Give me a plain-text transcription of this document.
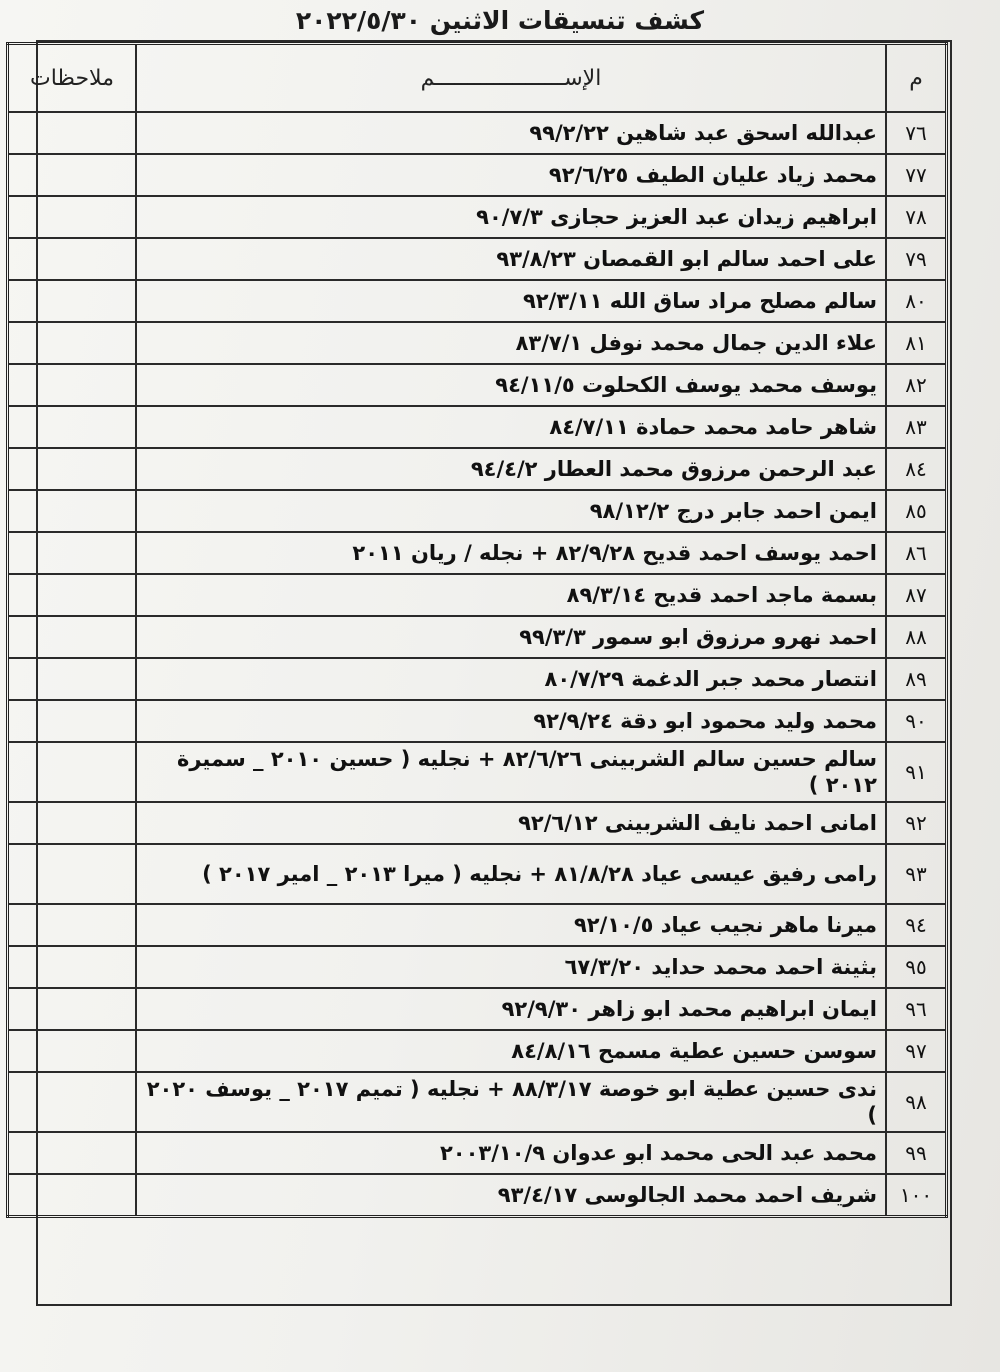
كشف تنسيقات الاثنين ٢٠٢٢/٥/٣٠
م	الإســــــــــــــــــــم	ملاحظات
٧٦	عبدالله اسحق عبد شاهين ٩٩/٢/٢٢	
٧٧	محمد زياد عليان الطيف ٩٢/٦/٢٥	
٧٨	ابراهيم زيدان عبد العزيز حجازى ٩٠/٧/٣	
٧٩	على احمد سالم ابو القمصان ٩٣/٨/٢٣	
٨٠	سالم مصلح مراد ساق الله ٩٢/٣/١١	
٨١	علاء الدين جمال محمد نوفل ٨٣/٧/١	
٨٢	يوسف محمد يوسف الكحلوت ٩٤/١١/٥	
٨٣	شاهر حامد محمد حمادة ٨٤/٧/١١	
٨٤	عبد الرحمن مرزوق محمد العطار ٩٤/٤/٢	
٨٥	ايمن احمد جابر درج ٩٨/١٢/٢	
٨٦	احمد يوسف احمد قديح ٨٢/٩/٢٨ + نجله / ريان ٢٠١١	
٨٧	بسمة ماجد احمد قديح ٨٩/٣/١٤	
٨٨	احمد نهرو مرزوق ابو سمور ٩٩/٣/٣	
٨٩	انتصار محمد جبر الدغمة ٨٠/٧/٢٩	
٩٠	محمد وليد محمود ابو دقة ٩٢/٩/٢٤	
٩١	سالم حسين سالم الشربينى ٨٢/٦/٢٦ + نجليه ( حسين ٢٠١٠ _ سميرة ٢٠١٢ )	
٩٢	امانى احمد نايف الشربينى ٩٢/٦/١٢	
٩٣	رامى رفيق عيسى عياد ٨١/٨/٢٨ + نجليه ( ميرا ٢٠١٣ _ امير ٢٠١٧ )	
٩٤	ميرنا ماهر نجيب عياد ٩٢/١٠/٥	
٩٥	بثينة احمد محمد حدايد ٦٧/٣/٢٠	
٩٦	ايمان ابراهيم محمد ابو زاهر ٩٢/٩/٣٠	
٩٧	سوسن حسين عطية مسمح ٨٤/٨/١٦	
٩٨	ندى حسين عطية ابو خوصة ٨٨/٣/١٧ + نجليه ( تميم ٢٠١٧ _ يوسف ٢٠٢٠ )	
٩٩	محمد عبد الحى محمد ابو عدوان ٢٠٠٣/١٠/٩	
١٠٠	شريف احمد محمد الجالوسى ٩٣/٤/١٧	
